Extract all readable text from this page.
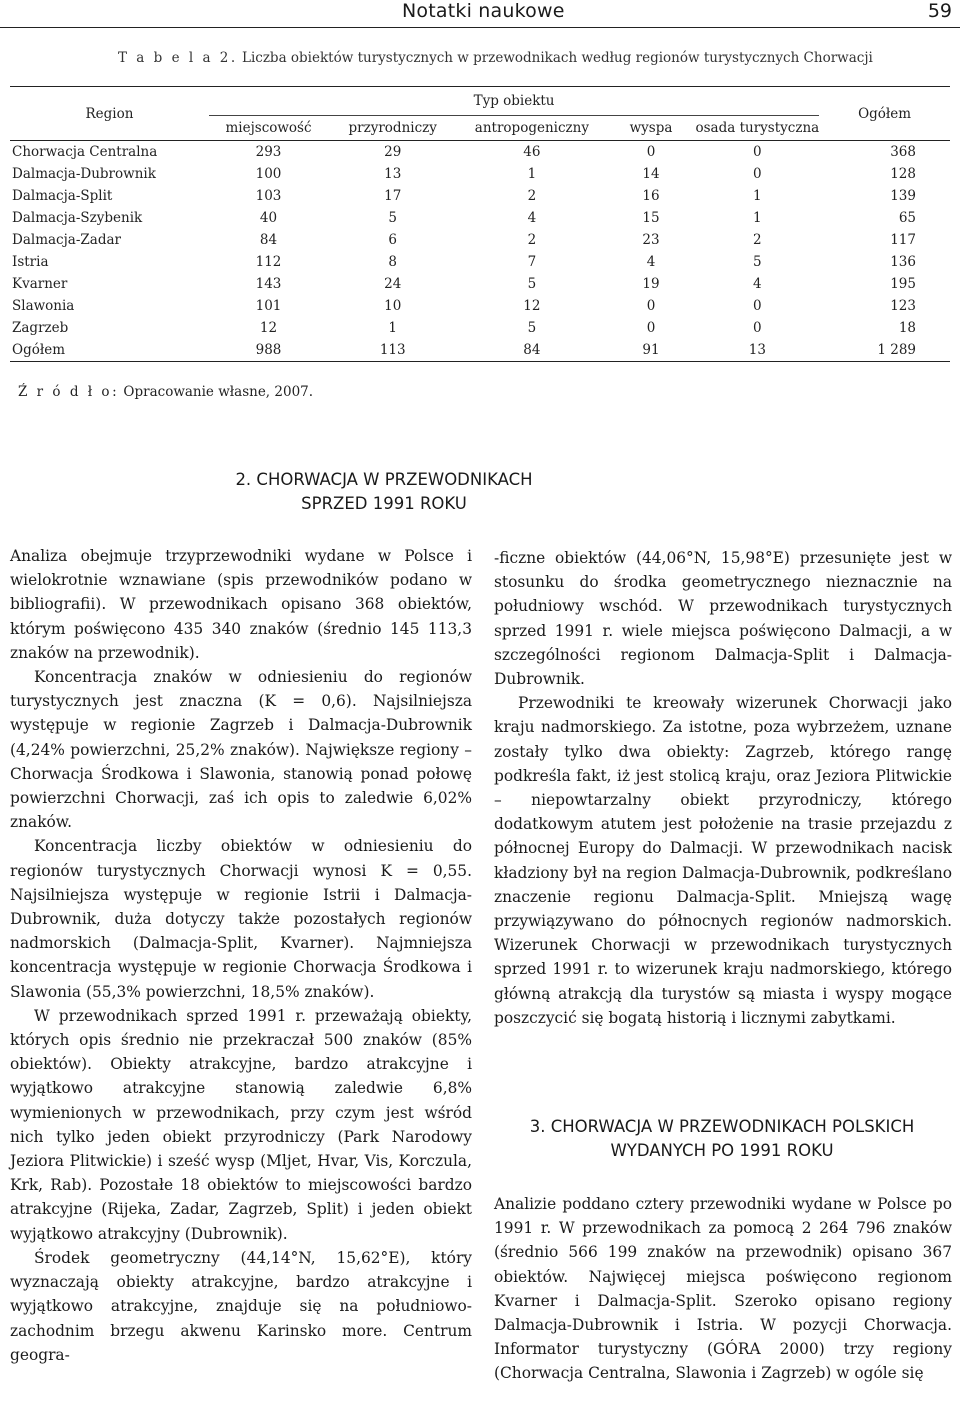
Notatki naukowe	59
T a b e l a 2. Liczba obiektów turystycznych w przewodnikach według regionów turystycznych Chorwacji
Region	Typ obiektu					Ogółem
	miejscowość	przyrodniczy	antropogeniczny	wyspa	osada turystyczna	
Chorwacja Centralna	293	29	46	0	0	368
Dalmacja-Dubrownik	100	13	1	14	0	128
Dalmacja-Split	103	17	2	16	1	139
Dalmacja-Szybenik	40	5	4	15	1	65
Dalmacja-Zadar	84	6	2	23	2	117
Istria	112	8	7	4	5	136
Kvarner	143	24	5	19	4	195
Slawonia	101	10	12	0	0	123
Zagrzeb	12	1	5	0	0	18
Ogółem	988	113	84	91	13	1 289
Ź r ó d ł o: Opracowanie własne, 2007.
2. CHORWACJA W PRZEWODNIKACH
SPRZED 1991 ROKU

Analiza obejmuje trzyprzewodniki wydane w Polsce i wielokrotnie wznawiane (spis przewodników podano w bibliografii). W przewodnikach opisano 368 obiektów, którym poświęcono 435 340 znaków (średnio 145 113,3 znaków na przewodnik).

Koncentracja znaków w odniesieniu do regionów turystycznych jest znaczna (K = 0,6). Najsilniejsza występuje w regionie Zagrzeb i Dalmacja-Dubrownik (4,24% powierzchni, 25,2% znaków). Największe regiony – Chorwacja Środkowa i Slawonia, stanowią ponad połowę powierzchni Chorwacji, zaś ich opis to zaledwie 6,02% znaków.

Koncentracja liczby obiektów w odniesieniu do regionów turystycznych Chorwacji wynosi K = 0,55. Najsilniejsza występuje w regionie Istrii i Dalmacja-Dubrownik, duża dotyczy także pozostałych regionów nadmorskich (Dalmacja-Split, Kvarner). Najmniejsza koncentracja występuje w regionie Chorwacja Środkowa i Slawonia (55,3% powierzchni, 18,5% znaków).

W przewodnikach sprzed 1991 r. przeważają obiekty, których opis średnio nie przekraczał 500 znaków (85% obiektów). Obiekty atrakcyjne, bardzo atrakcyjne i wyjątkowo atrakcyjne stanowią zaledwie 6,8% wymienionych w przewodnikach, przy czym jest wśród nich tylko jeden obiekt przyrodniczy (Park Narodowy Jeziora Plitwickie) i sześć wysp (Mljet, Hvar, Vis, Korczula, Krk, Rab). Pozostałe 18 obiektów to miejscowości bardzo atrakcyjne (Rijeka, Zadar, Zagrzeb, Split) i jeden obiekt wyjątkowo atrakcyjny (Dubrownik).

Środek geometryczny (44,14°N, 15,62°E), który wyznaczają obiekty atrakcyjne, bardzo atrakcyjne i wyjątkowo atrakcyjne, znajduje się na południowo-zachodnim brzegu akwenu Karinsko more. Centrum geogra-

-ficzne obiektów (44,06°N, 15,98°E) przesunięte jest w stosunku do środka geometrycznego nieznacznie na południowy wschód. W przewodnikach turystycznych sprzed 1991 r. wiele miejsca poświęcono Dalmacji, a w szczególności regionom Dalmacja-Split i Dalmacja-Dubrownik.

Przewodniki te kreowały wizerunek Chorwacji jako kraju nadmorskiego. Za istotne, poza wybrzeżem, uznane zostały tylko dwa obiekty: Zagrzeb, którego rangę podkreśla fakt, iż jest stolicą kraju, oraz Jeziora Plitwickie – niepowtarzalny obiekt przyrodniczy, którego dodatkowym atutem jest położenie na trasie przejazdu z północnej Europy do Dalmacji. W przewodnikach nacisk kładziony był na region Dalmacja-Dubrownik, podkreślano znaczenie regionu Dalmacja-Split. Mniejszą wagę przywiązywano do północnych regionów nadmorskich. Wizerunek Chorwacji w przewodnikach turystycznych sprzed 1991 r. to wizerunek kraju nadmorskiego, którego główną atrakcją dla turystów są miasta i wyspy mogące poszczycić się bogatą historią i licznymi zabytkami.

3. CHORWACJA W PRZEWODNIKACH POLSKICH
WYDANYCH PO 1991 ROKU

Analizie poddano cztery przewodniki wydane w Polsce po 1991 r. W przewodnikach za pomocą 2 264 796 znaków (średnio 566 199 znaków na przewodnik) opisano 367 obiektów. Najwięcej miejsca poświęcono regionom Kvarner i Dalmacja-Split. Szeroko opisano regiony Dalmacja-Dubrownik i Istria. W pozycji Chorwacja. Informator turystyczny (GÓRA 2000) trzy regiony (Chorwacja Centralna, Slawonia i Zagrzeb) w ogóle się
